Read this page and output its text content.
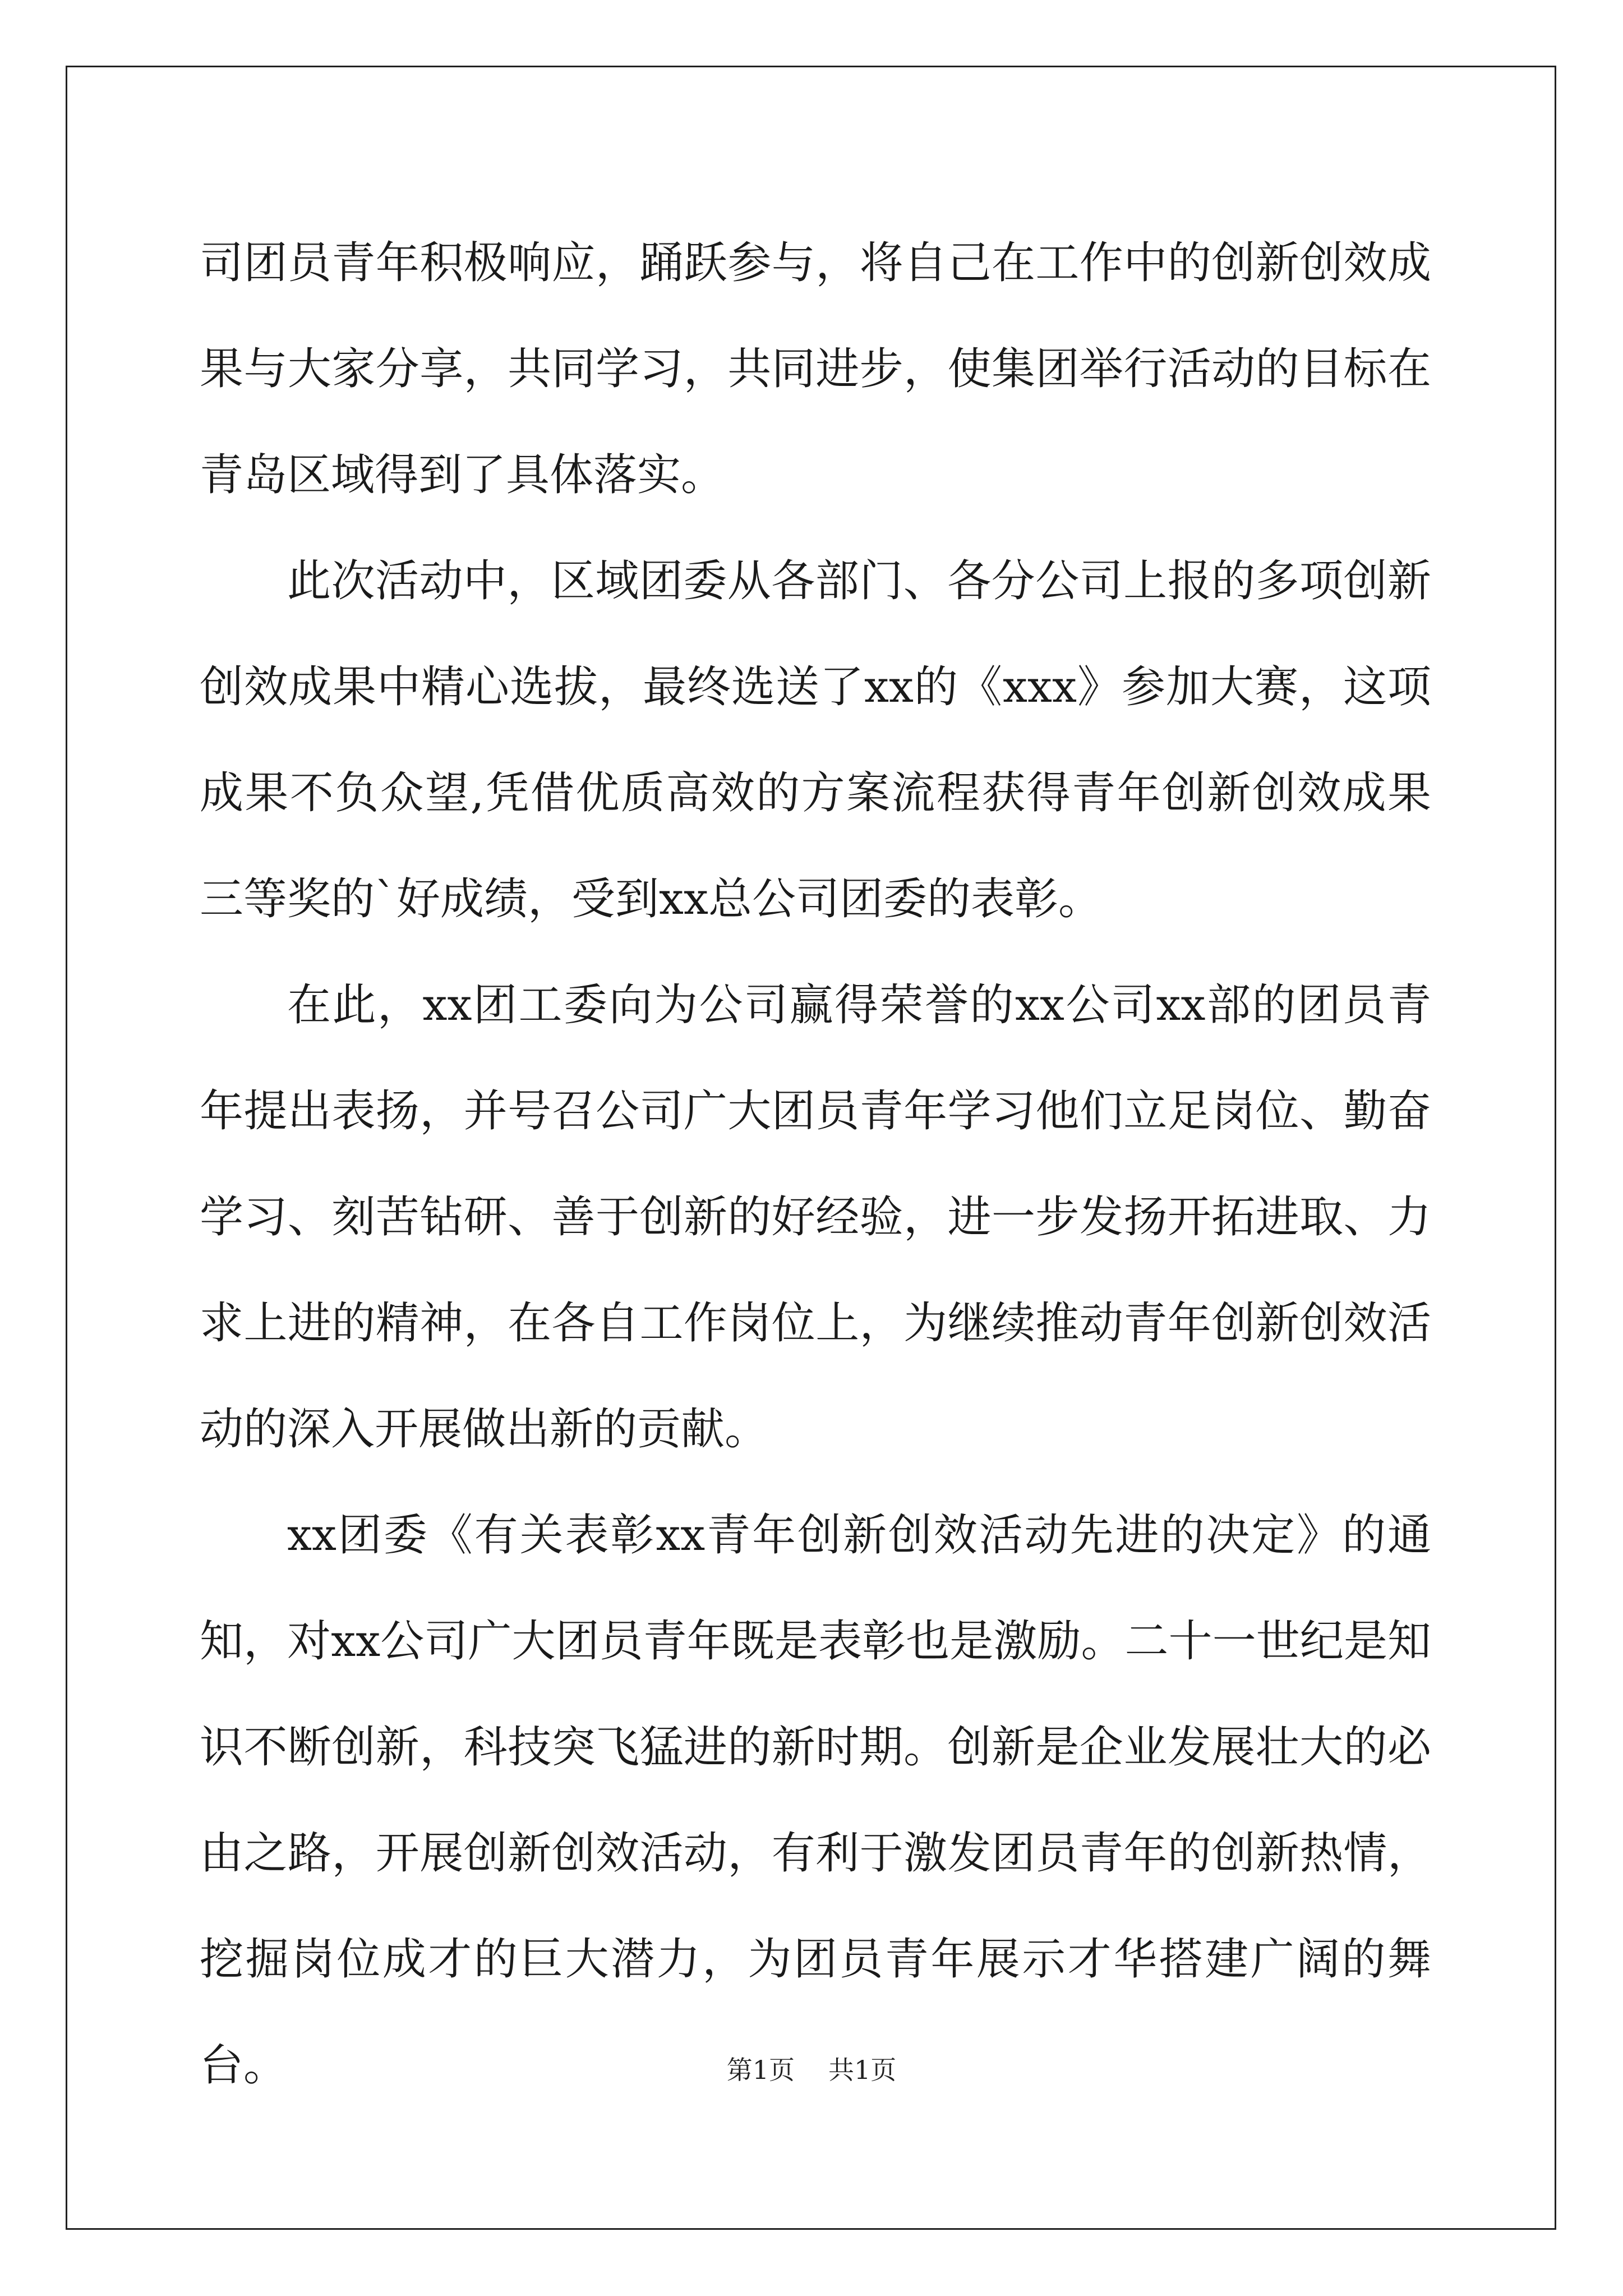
司团员青年积极响应，踊跃参与，将自己在工作中的创新创效成果与大家分享，共同学习，共同进步，使集团举行活动的目标在青岛区域得到了具体落实。

此次活动中，区域团委从各部门、各分公司上报的多项创新创效成果中精心选拔，最终选送了xx的《xxx》参加大赛，这项成果不负众望,凭借优质高效的方案流程获得青年创新创效成果三等奖的`好成绩，受到xx总公司团委的表彰。

在此，xx团工委向为公司赢得荣誉的xx公司xx部的团员青年提出表扬，并号召公司广大团员青年学习他们立足岗位、勤奋学习、刻苦钻研、善于创新的好经验，进一步发扬开拓进取、力求上进的精神，在各自工作岗位上，为继续推动青年创新创效活动的深入开展做出新的贡献。

xx团委《有关表彰xx青年创新创效活动先进的决定》的通知，对xx公司广大团员青年既是表彰也是激励。二十一世纪是知识不断创新，科技突飞猛进的新时期。创新是企业发展壮大的必由之路，开展创新创效活动，有利于激发团员青年的创新热情，挖掘岗位成才的巨大潜力，为团员青年展示才华搭建广阔的舞台。	第1页 共1页
